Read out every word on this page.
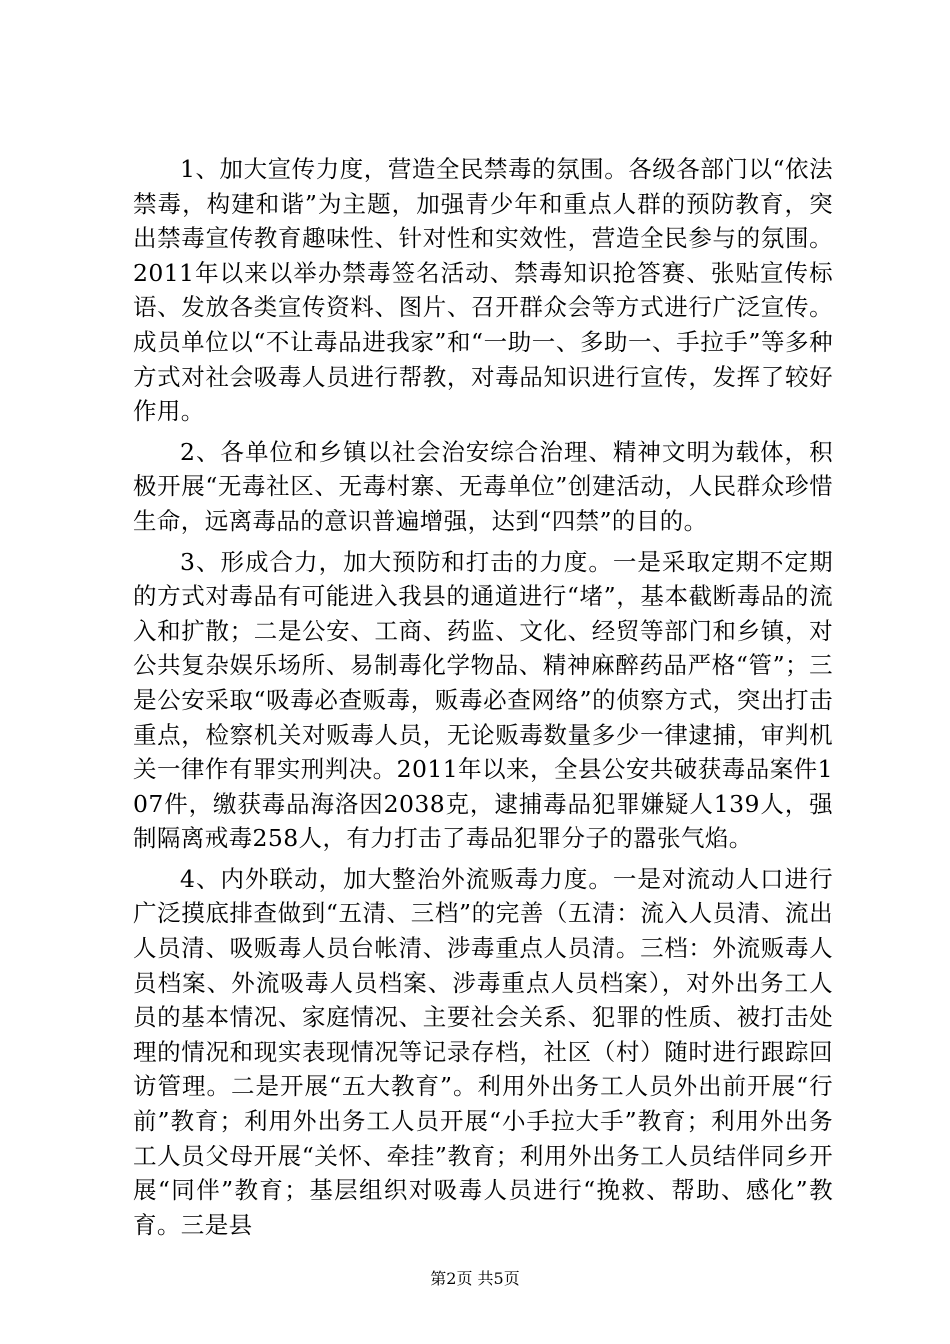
1、加大宣传力度，营造全民禁毒的氛围。各级各部门以“依法禁毒，构建和谐”为主题，加强青少年和重点人群的预防教育，突出禁毒宣传教育趣味性、针对性和实效性，营造全民参与的氛围。2011年以来以举办禁毒签名活动、禁毒知识抢答赛、张贴宣传标语、发放各类宣传资料、图片、召开群众会等方式进行广泛宣传。成员单位以“不让毒品进我家”和“一助一、多助一、手拉手”等多种方式对社会吸毒人员进行帮教，对毒品知识进行宣传，发挥了较好作用。

2、各单位和乡镇以社会治安综合治理、精神文明为载体，积极开展“无毒社区、无毒村寨、无毒单位”创建活动，人民群众珍惜生命，远离毒品的意识普遍增强，达到“四禁”的目的。

3、形成合力，加大预防和打击的力度。一是采取定期不定期的方式对毒品有可能进入我县的通道进行“堵”，基本截断毒品的流入和扩散；二是公安、工商、药监、文化、经贸等部门和乡镇，对公共复杂娱乐场所、易制毒化学物品、精神麻醉药品严格“管”；三是公安采取“吸毒必查贩毒，贩毒必查网络”的侦察方式，突出打击重点，检察机关对贩毒人员，无论贩毒数量多少一律逮捕，审判机关一律作有罪实刑判决。2011年以来，全县公安共破获毒品案件107件，缴获毒品海洛因2038克，逮捕毒品犯罪嫌疑人139人，强制隔离戒毒258人，有力打击了毒品犯罪分子的嚣张气焰。

4、内外联动，加大整治外流贩毒力度。一是对流动人口进行广泛摸底排查做到“五清、三档”的完善（五清：流入人员清、流出人员清、吸贩毒人员台帐清、涉毒重点人员清。三档：外流贩毒人员档案、外流吸毒人员档案、涉毒重点人员档案），对外出务工人员的基本情况、家庭情况、主要社会关系、犯罪的性质、被打击处理的情况和现实表现情况等记录存档，社区（村）随时进行跟踪回访管理。二是开展“五大教育”。利用外出务工人员外出前开展“行前”教育；利用外出务工人员开展“小手拉大手”教育；利用外出务工人员父母开展“关怀、牵挂”教育；利用外出务工人员结伴同乡开展“同伴”教育；基层组织对吸毒人员进行“挽救、帮助、感化”教育。三是县

第2页 共5页
